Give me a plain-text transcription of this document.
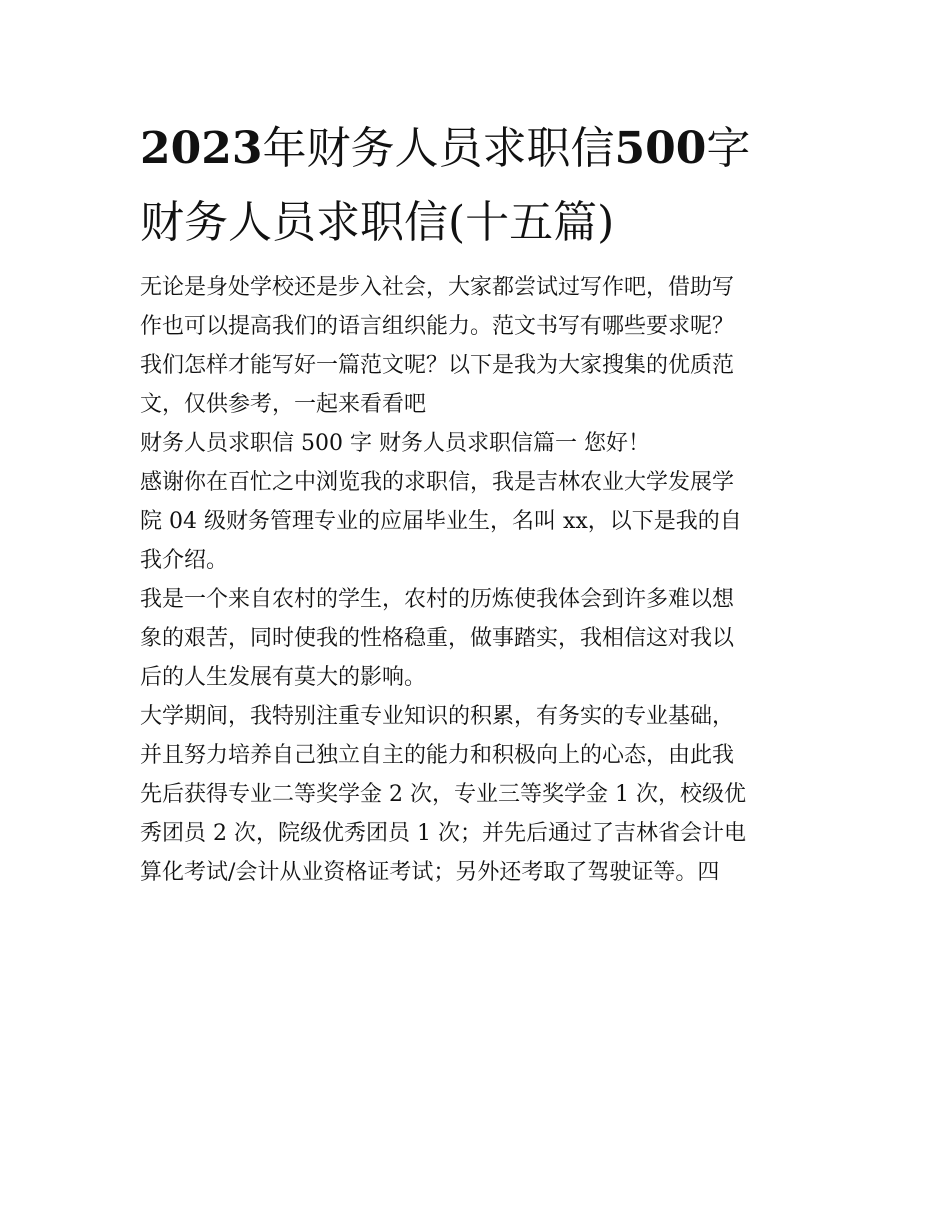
2023年财务人员求职信500字
财务人员求职信(十五篇)

无论是身处学校还是步入社会，大家都尝试过写作吧，借助写
作也可以提高我们的语言组织能力。范文书写有哪些要求呢？
我们怎样才能写好一篇范文呢？以下是我为大家搜集的优质范
文，仅供参考，一起来看看吧

财务人员求职信 500 字 财务人员求职信篇一 您好！

感谢你在百忙之中浏览我的求职信，我是吉林农业大学发展学
院 04 级财务管理专业的应届毕业生，名叫 xx，以下是我的自
我介绍。

我是一个来自农村的学生，农村的历炼使我体会到许多难以想
象的艰苦，同时使我的性格稳重，做事踏实，我相信这对我以
后的人生发展有莫大的影响。

大学期间，我特别注重专业知识的积累，有务实的专业基础，
并且努力培养自己独立自主的能力和积极向上的心态，由此我
先后获得专业二等奖学金 2 次，专业三等奖学金 1 次，校级优
秀团员 2 次，院级优秀团员 1 次；并先后通过了吉林省会计电
算化考试/会计从业资格证考试；另外还考取了驾驶证等。四
